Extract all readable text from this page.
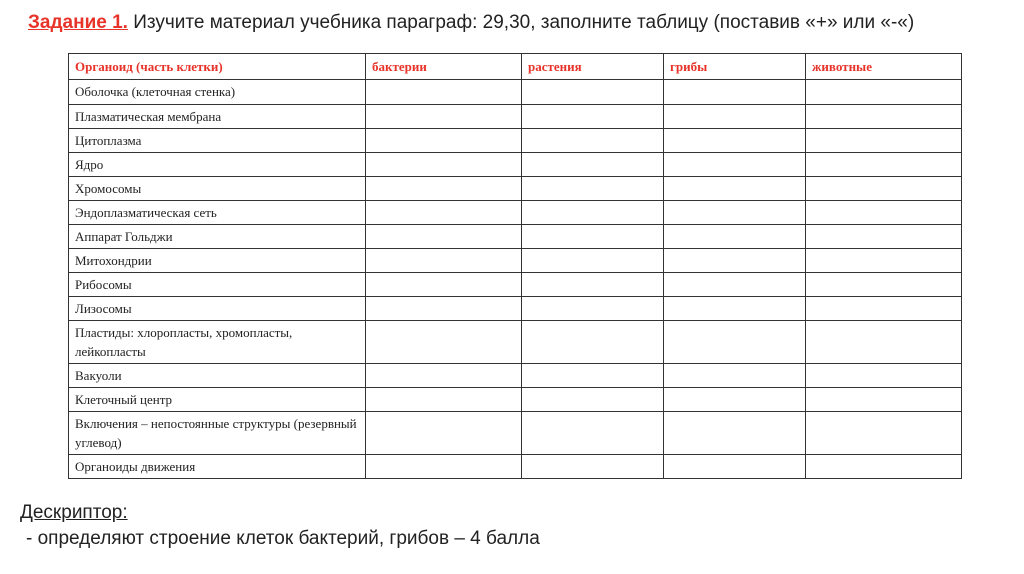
Задание 1. Изучите материал учебника параграф: 29,30, заполните таблицу (поставив «+» или «-«)
Органоид (часть клетки)	бактерии	растения	грибы	животные
Оболочка (клеточная стенка)				
Плазматическая мембрана				
Цитоплазма				
Ядро				
Хромосомы				
Эндоплазматическая сеть				
Аппарат Гольджи				
Митохондрии				
Рибосомы				
Лизосомы				
Пластиды: хлоропласты, хромопласты, лейкопласты				
Вакуоли				
Клеточный центр				
Включения – непостоянные структуры (резервный углевод)				
Органоиды движения				
Дескриптор:
- определяют строение клеток бактерий, грибов – 4 балла
